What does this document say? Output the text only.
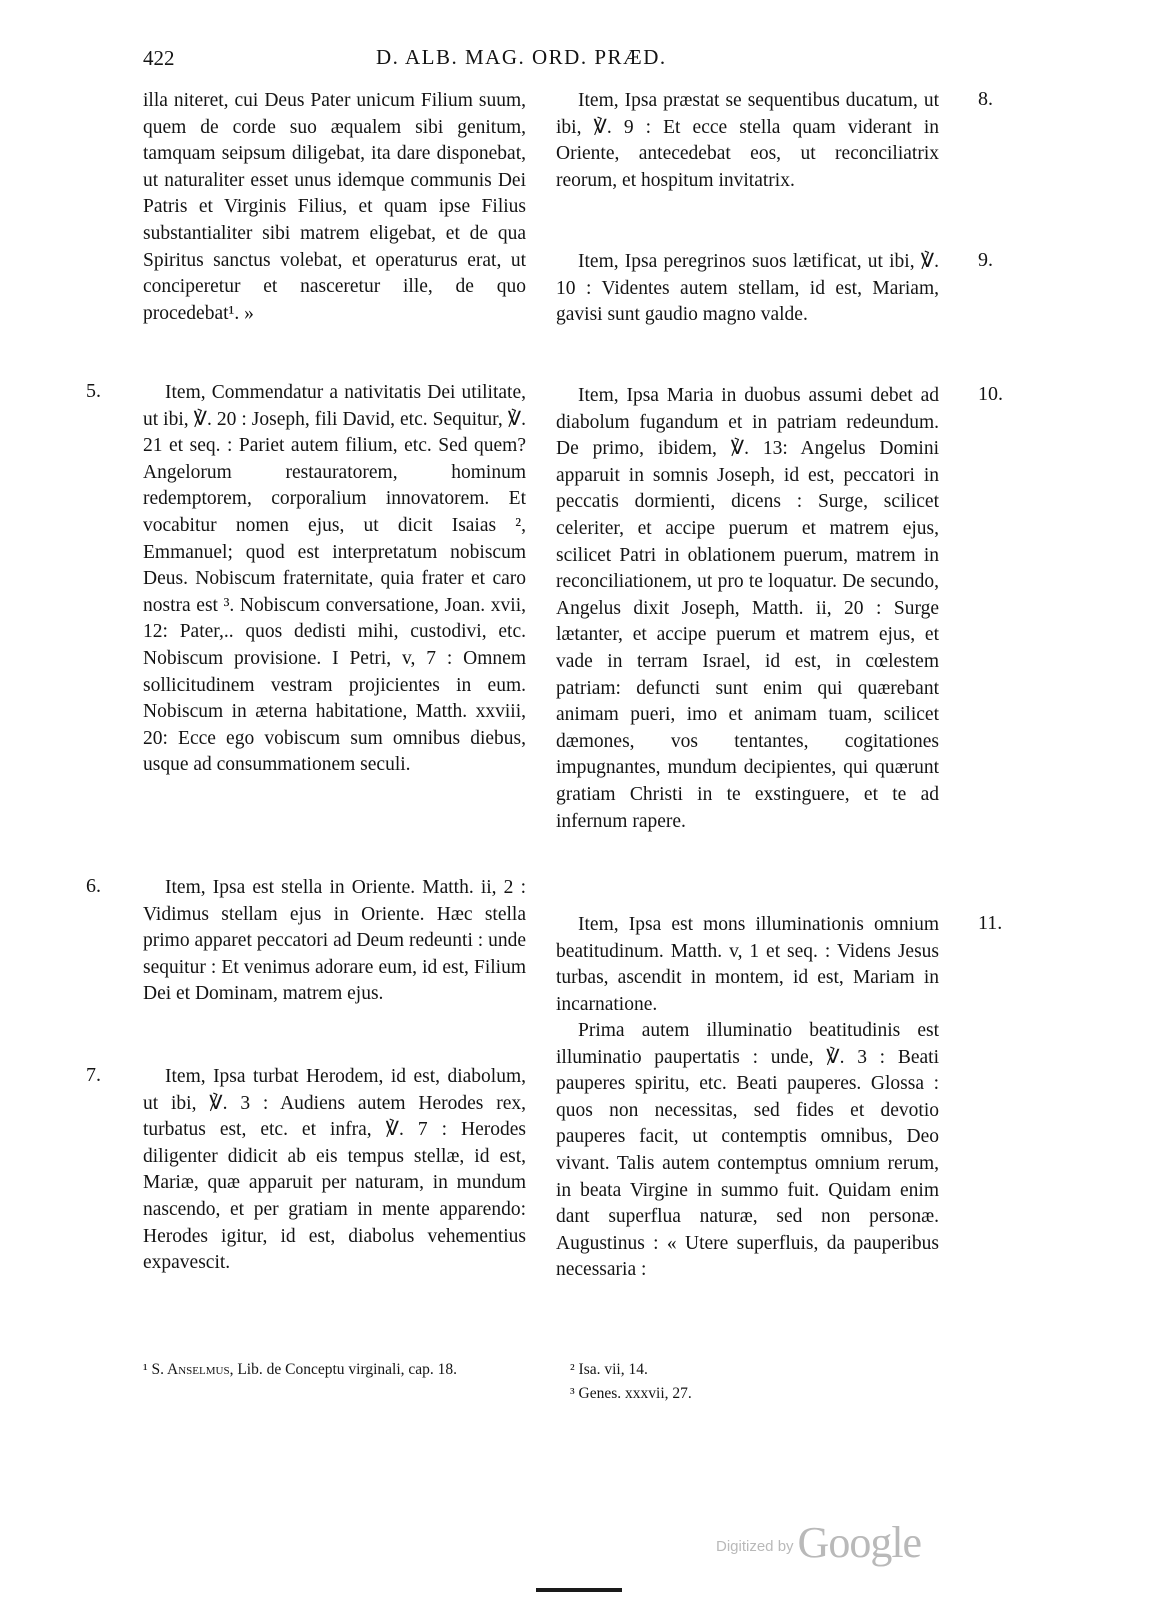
422	D. ALB. MAG. ORD. PRÆD.
5.
6.
7.
8.
9.
10.
11.

illa niteret, cui Deus Pater unicum Filium suum, quem de corde suo æqualem sibi genitum, tamquam seipsum diligebat, ita dare disponebat, ut naturaliter esset unus idemque communis Dei Patris et Virginis Filius, et quam ipse Filius substantialiter sibi matrem eligebat, et de qua Spiritus sanctus volebat, et operaturus erat, ut conciperetur et nasceretur ille, de quo procedebat¹. »

Item, Commendatur a nativitatis Dei utilitate, ut ibi, ℣. 20 : Joseph, fili David, etc. Sequitur, ℣. 21 et seq. : Pariet autem filium, etc. Sed quem? Angelorum restauratorem, hominum redemptorem, corporalium innovatorem. Et vocabitur nomen ejus, ut dicit Isaias ², Emmanuel; quod est interpretatum nobiscum Deus. Nobiscum fraternitate, quia frater et caro nostra est ³. Nobiscum conversatione, Joan. xvii, 12: Pater,.. quos dedisti mihi, custodivi, etc. Nobiscum provisione. I Petri, v, 7 : Omnem sollicitudinem vestram projicientes in eum. Nobiscum in æterna habitatione, Matth. xxviii, 20: Ecce ego vobiscum sum omnibus diebus, usque ad consummationem seculi.

Item, Ipsa est stella in Oriente. Matth. ii, 2 : Vidimus stellam ejus in Oriente. Hæc stella primo apparet peccatori ad Deum redeunti : unde sequitur : Et venimus adorare eum, id est, Filium Dei et Dominam, matrem ejus.

Item, Ipsa turbat Herodem, id est, diabolum, ut ibi, ℣. 3 : Audiens autem Herodes rex, turbatus est, etc. et infra, ℣. 7 : Herodes diligenter didicit ab eis tempus stellæ, id est, Mariæ, quæ apparuit per naturam, in mundum nascendo, et per gratiam in mente apparendo: Herodes igitur, id est, diabolus vehementius expavescit.

Item, Ipsa præstat se sequentibus ducatum, ut ibi, ℣. 9 : Et ecce stella quam viderant in Oriente, antecedebat eos, ut reconciliatrix reorum, et hospitum invitatrix.

Item, Ipsa peregrinos suos lætificat, ut ibi, ℣. 10 : Videntes autem stellam, id est, Mariam, gavisi sunt gaudio magno valde.

Item, Ipsa Maria in duobus assumi debet ad diabolum fugandum et in patriam redeundum. De primo, ibidem, ℣. 13: Angelus Domini apparuit in somnis Joseph, id est, peccatori in peccatis dormienti, dicens : Surge, scilicet celeriter, et accipe puerum et matrem ejus, scilicet Patri in oblationem puerum, matrem in reconciliationem, ut pro te loquatur. De secundo, Angelus dixit Joseph, Matth. ii, 20 : Surge lætanter, et accipe puerum et matrem ejus, et vade in terram Israel, id est, in cœlestem patriam: defuncti sunt enim qui quærebant animam pueri, imo et animam tuam, scilicet dæmones, vos tentantes, cogitationes impugnantes, mundum decipientes, qui quærunt gratiam Christi in te exstinguere, et te ad infernum rapere.

Item, Ipsa est mons illuminationis omnium beatitudinum. Matth. v, 1 et seq. : Videns Jesus turbas, ascendit in montem, id est, Mariam in incarnatione.

Prima autem illuminatio beatitudinis est illuminatio paupertatis : unde, ℣. 3 : Beati pauperes spiritu, etc. Beati pauperes. Glossa : quos non necessitas, sed fides et devotio pauperes facit, ut contemptis omnibus, Deo vivant. Talis autem contemptus omnium rerum, in beata Virgine in summo fuit. Quidam enim dant superflua naturæ, sed non personæ. Augustinus : « Utere superfluis, da pauperibus necessaria :

¹ S. Anselmus, Lib. de Conceptu virginali, cap. 18.	² Isa. vii, 14.
³ Genes. xxxvii, 27.
Digitized byGoogle
